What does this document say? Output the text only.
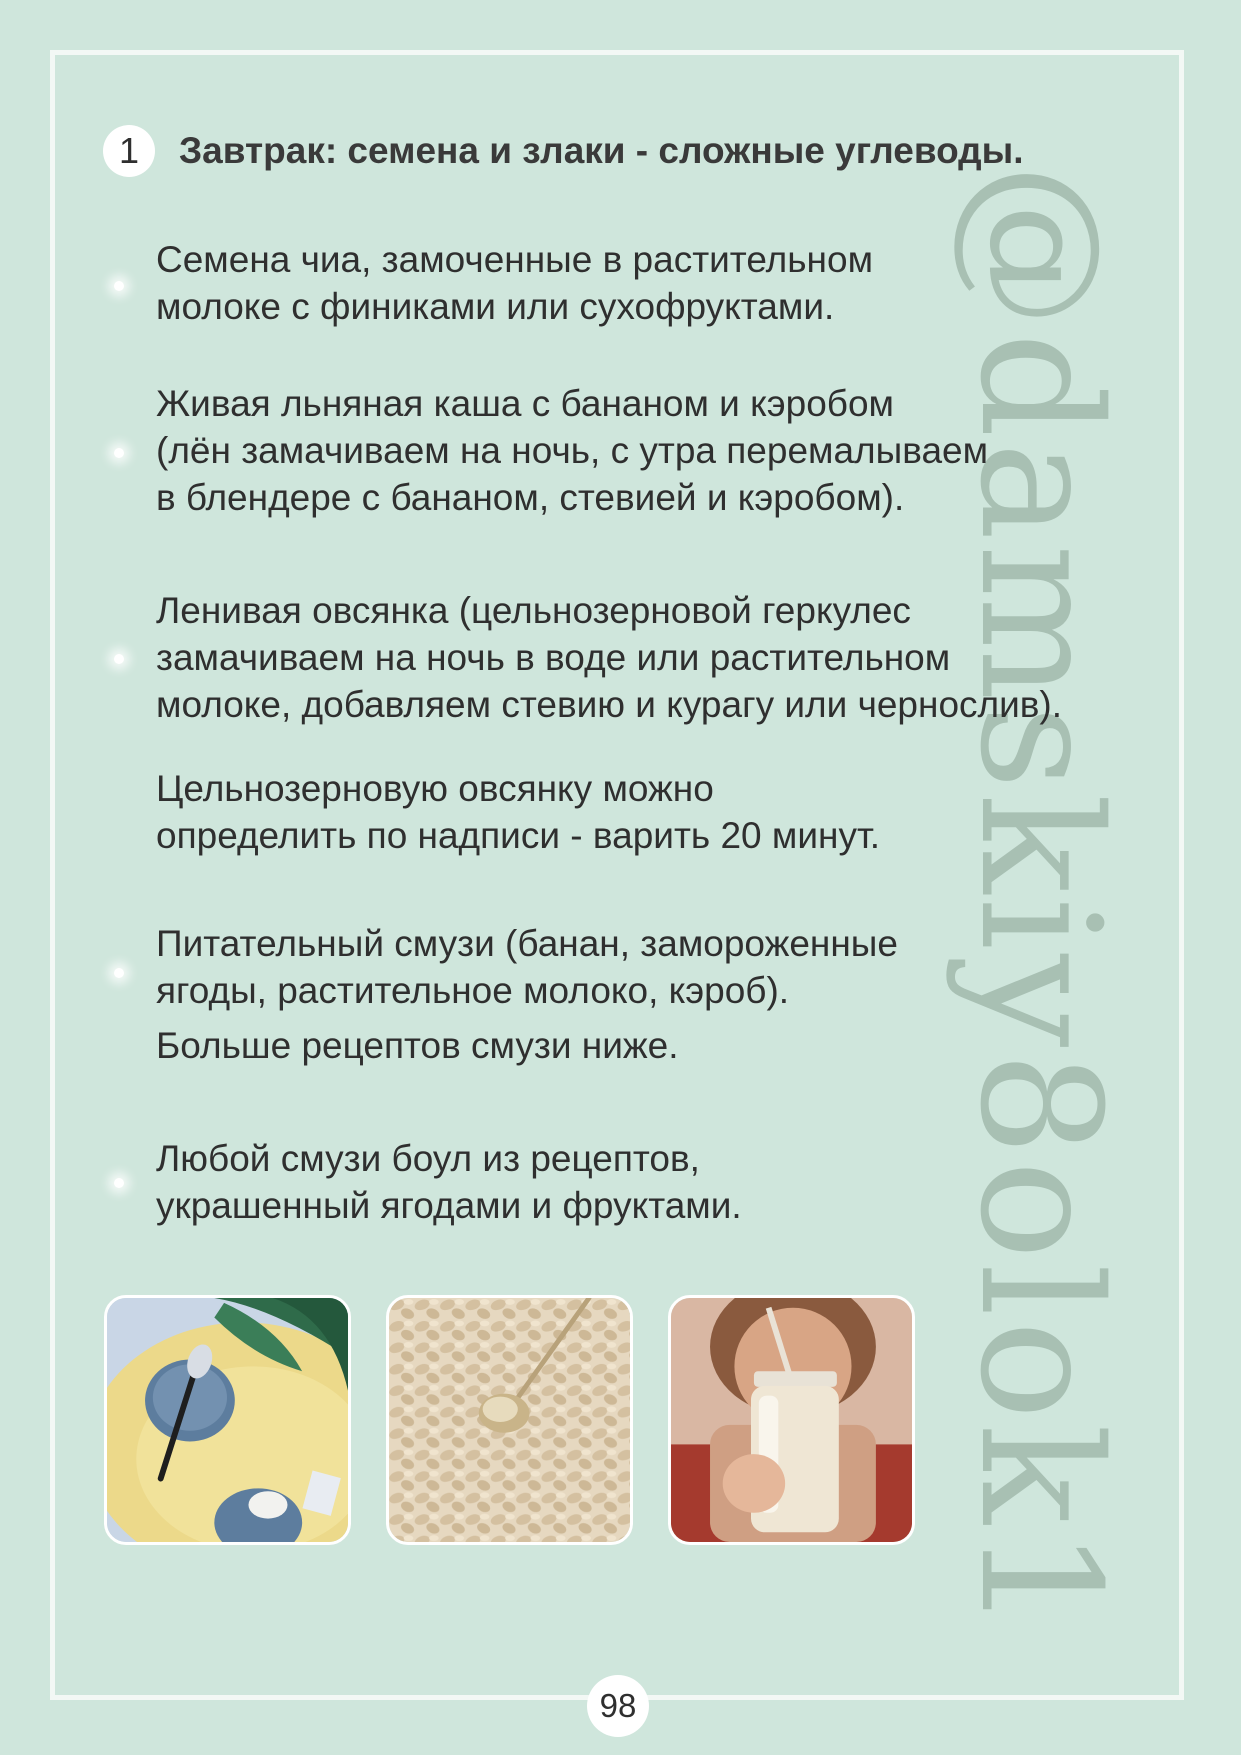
@damskiy8olok1
1	Завтрак: семена и злаки - сложные углеводы.
Семена чиа, замоченные в растительном
молоке с финиками или сухофруктами.
Живая льняная каша с бананом и кэробом
(лён замачиваем на ночь, с утра перемалываем
в блендере с бананом, стевией и кэробом).
Ленивая овсянка (цельнозерновой геркулес
замачиваем на ночь в воде или растительном
молоке, добавляем стевию и курагу или чернослив).
Цельнозерновую овсянку можно
определить по надписи - варить 20 минут.
Питательный смузи (банан, замороженные
ягоды, растительное молоко, кэроб).
Больше рецептов смузи ниже.
Любой смузи боул из рецептов,
украшенный ягодами и фруктами.
98
